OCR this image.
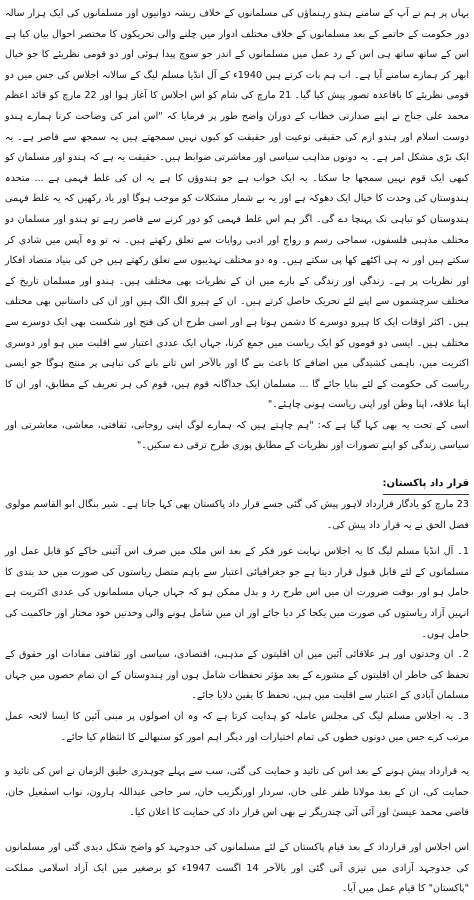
یہاں پر ہم نے آپ کے سامنے ہندو رہنماؤں کی مسلمانوں کے خلاف ریشہ دوانیوں اور مسلمانوں کی ایک ہزار سالہ دور حکومت کے خاتمے کے بعد مسلمانوں کے خلاف مختلف ادوار میں چلنے والی تحریکوں کا مختصر احوال بیان کیا ہے اس کے ساتھ ساتھ ہی اس کے رد عمل میں مسلمانوں کے اندر جو سوچ پیدا ہوئی اور دو قومی نظریئے کا جو خیال ابھر کر ہمارے سامنے آیا ہے۔ اب ہم بات کرتے ہیں 1940ء کے آل انڈیا مسلم لیگ کے سالانہ اجلاس کی جس میں دو قومی نظریئے کا باقاعدہ تصور پیش کیا گیا۔ 21 مارچ کی شام کو اس اجلاس کا آغاز ہوا اور 22 مارچ کو قائد اعظم محمد علی جناح نے اپنے صدارتی خطاب کے دوران واضح طور پر فرمایا کہ "اس امر کی وضاحت کرنا ہمارے ہندو دوست اسلام اور ہندو ازم کی حقیقی نوعیت اور حقیقت کو کیوں نہیں سمجھتے ہیں یہ سمجھ سے قاصر ہے۔ یہ ایک بڑی مشکل امر ہے۔ یہ دونوں مذاہب سیاسی اور معاشرتی ضوابط ہیں۔ حقیقت یہ ہے کہ ہندو اور مسلمان کو کبھی ایک قوم نہیں سمجھا جا سکتا۔ یہ ایک خواب ہے جو ہندوؤں کا ہے یہ ان کی غلط فہمی ہے ... متحدہ ہندوستان کی وحدت کا خیال ایک دھوکہ ہے اور یہ بے شمار مشکلات کو موجب ہوگا اور یاد رکھیں کہ یہ غلط فہمی ہندوستان کو تباہی تک پہنچا دے گی۔ اگر ہم اس غلط فہمی کو دور کرنے سے قاصر رہے تو ہندو اور مسلمان دو مختلف مذہبی فلسفوں، سماجی رسم و رواج اور ادبی روایات سے تعلق رکھتے ہیں۔ نہ تو وہ آپس میں شادی کر سکتے ہیں اور نہ ہی اکٹھے کھا پی سکتے ہیں۔ وہ دو مختلف تہذیبوں سے تعلق رکھتے ہیں جن کی بنیاد متضاد افکار اور نظریات پر ہے۔ زندگی اور زندگی کے بارے میں ان کے نظریات بھی مختلف ہیں۔ ہندو اور مسلمان تاریخ کے مختلف سرچشموں سے اپنے لئے تحریک حاصل کرتے ہیں۔ ان کے ہیرو الگ الگ ہیں اور ان کی داستانیں بھی مختلف ہیں۔ اکثر اوقات ایک کا ہیرو دوسرے کا دشمن ہوتا ہے اور اسی طرح ان کی فتح اور شکست بھی ایک دوسرے سے مختلف ہیں۔ ایسی دو قوموں کو ایک ریاست میں جمع کرنا، جہاں ایک عددی اعتبار سے اقلیت میں ہو اور دوسری اکثریت میں، باہمی کشیدگی میں اضافے کا باعث بنے گا اور بالآخر اس تانے بانے کی تباہی پر منتج ہوگا جو ایسی ریاست کی حکومت کے لئے بنایا جائے گا ... مسلمان ایک جداگانہ قوم ہیں، قوم کی ہر تعریف کے مطابق، اور ان کا اپنا علاقہ، اپنا وطن اور اپنی ریاست ہونی چاہئے۔"

اسی کے تحت یہ بھی کہا گیا ہے کہ: "ہم چاہتے ہیں کہ ہمارے لوگ اپنی روحانی، ثقافتی، معاشی، معاشرتی اور سیاسی زندگی کو اپنے تصورات اور نظریات کے مطابق پوری طرح ترقی دے سکیں۔"

قرار داد پاکستان:

23 مارچ کو یادگار قرارداد لاہور پیش کی گئی جسے قرار داد پاکستان بھی کہا جاتا ہے۔ شیر بنگال ابو القاسم مولوی فضل الحق نے یہ قرار داد پیش کی۔

1۔ آل انڈیا مسلم لیگ کا یہ اجلاس نہایت غور فکر کے بعد اس ملک میں صرف اس آئینی خاکے کو قابل عمل اور مسلمانوں کے لئے قابل قبول قرار دیتا ہے جو جغرافیائی اعتبار سے باہم متصل ریاستوں کی صورت میں حد بندی کا حامل ہو اور بوقت ضرورت ان میں اس طرح رد و بدل ممکن ہو کہ جہاں جہاں مسلمانوں کی عددی اکثریت ہے انہیں آزاد ریاستوں کی صورت میں یکجا کر دیا جائے اور ان میں شامل ہونے والی وحدتیں خود مختار اور حاکمیت کی حامل ہوں۔

2۔ ان وحدتوں اور ہر علاقائی آئین میں ان اقلیتوں کے مذہبی، اقتصادی، سیاسی اور ثقافتی مفادات اور حقوق کے تحفظ کی خاطر ان اقلیتوں کے مشورے کے بعد مؤثر تحفظات شامل ہوں اور ہندوستان کے ان تمام حصوں میں جہاں مسلمان آبادی کے اعتبار سے اقلیت میں ہیں، تحفظ کا یقین دلایا جائے۔

3۔ یہ اجلاس مسلم لیگ کی مجلس عاملہ کو ہدایت کرتا ہے کہ وہ ان اصولوں پر مبنی آئین کا ایسا لائحہ عمل مرتب کرے جس میں دونوں خطوں کی تمام اختیارات اور دیگر اہم امور کو سنبھالنے کا انتظام کیا جائے۔

یہ قرارداد پیش ہونے کے بعد اس کی تائید و حمایت کی گئی، سب سے پہلے چوہدری خلیق الزمان نے اس کی تائید و حمایت کی، ان کے بعد مولانا ظفر علی خان، سردار اورنگزیب خان، سر حاجی عبداللہ ہارون، نواب اسمٰعیل خان، قاضی محمد عیسیٰ اور آئی آئی چندریگر نے بھی اس قرار داد کی حمایت کا اعلان کیا۔

اس اجلاس اور قرارداد کے بعد قیام پاکستان کے لئے مسلمانوں کی جدوجہد کو واضح شکل دیدی گئی اور مسلمانوں کی جدوجہد آزادی میں تیزی آتی گئی اور بالآخر 14 اگست 1947ء کو برصغیر میں ایک آزاد اسلامی مملکت "پاکستان" کا قیام عمل میں آیا۔
